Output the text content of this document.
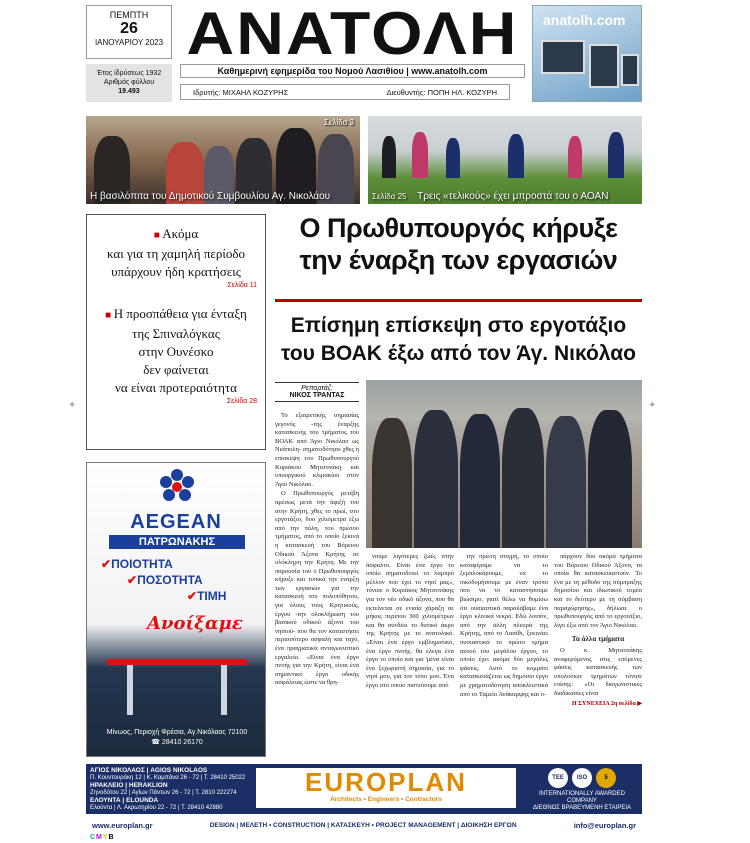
ΠΕΜΠΤΗ
26
ΙΑΝΟΥΑΡΙΟΥ 2023
Έτος ίδρύσεως 1932
Αριθμός φύλλου
19.493
ΑΝΑΤΟΛΗ
Καθημερινή εφημερίδα του Νομού Λασιθίου | www.anatolh.com
Ιδρυτής: ΜΙΧΑΗΛ ΚΟΖΥΡΗΣ	Διευθυντής: ΠΟΠΗ ΗΛ. ΚΟΖΥΡΗ
anatolh.com
Σελίδα 3
Η βασιλόπιτα του Δημοτικού Συμβουλίου Αγ. Νικολάου	Σελίδα 25 Τρεις «τελικούς» έχει μπροστά του ο ΑΟΑΝ
■ Ακόμα
και για τη χαμηλή περίοδο
υπάρχουν ήδη κρατήσεις
Σελίδα 11
■ Η προσπάθεια για ένταξη
της Σπιναλόγκας
στην Ουνέσκο
δεν φαίνεται
να είναι προτεραιότητα
Σελίδα 28
Ο Πρωθυπουργός κήρυξε
την έναρξη των εργασιών
Επίσημη επίσκεψη στο εργοτάξιο
του ΒΟΑΚ έξω από τον Άγ. Νικόλαο
Ρεπορτάζ:
ΝΙΚΟΣ ΤΡΑΝΤΑΣ

Το εξαιρετικής σημασίας γεγονός -της έναρξης κατασκευής του τμήματος του ΒΟΑΚ από Άγιο Νικόλαο ως Νεάπολη- σηματοδότησε χθες η επίσκεψη του Πρωθυπουργού Κυριάκου Μητσοτάκη και υπουργικού κλιμακίου στον Άγιο Νικόλαο.

Ο Πρωθυπουργός μετέβη αμέσως μετά την άφιξή του στην Κρήτη, χθες το πρωί, στο εργοτάξιο, δυο χιλιόμετρα έξω από την πόλη, του πρώτου τμήματος, από το οποίο ξεκινά η κατασκευή του Βόρειου Οδικού Άξονα Κρήτης σε ολόκληρη την Κρήτη. Με την παρουσία του ο Πρωθυπουργός κήρυξε και τυπικά την έναρξη των εργασιών για την κατασκευή του πολυπόθητου, για όλους τους Κρητικούς, έργου -την ολοκλήρωση του βασικού οδικού άξονα του νησιού- που θα τον καταστήσει περισσότερο ασφαλή και ταχύ, ένα πραγματικά ανταγωνιστικό εργαλείο. «Είναι ένα έργο πνοής για την Κρήτη, είναι ένα σημαντικό έργο οδικής ασφάλειας ώστε να θρη-

νούμε λιγότερες ζωές στην άσφαλτο. Είναι ένα έργο το οποίο σηματοδοτεί το λαμπρό μέλλον που έχει το νησί μας», τόνισε ο Κυριάκος Μητσοτάκης για τον νέο οδικό άξονα, που θα εκτείνεται σε ενιαία χάραξη σε μήκος περίπου 300 χιλιομέτρων και θα συνδέει το δυτικό άκρο της Κρήτης με το ανατολικό. «Είναι ένα έργο εμβληματικό, ένα έργο πνοής. θα έλεγα ένα έργο το οποίο και για 'μένα είναι ένα ξεχωριστή σημασία, για το νησί μου, για τον τόπο μου. Ένα έργο στο οποίο πιστεύουμε από

την πρώτη στιγμή, το οποίο καταφέραμε να το ξεμπλοκάρουμε, να το οικοδομήσουμε με έναν τρόπο που να το καταστήσουμε βιώσιμο, γιατί θέλω να θυμίσω ότι ουσιαστικά παραλάβαμε ένα έργο κλινικά νεκρό. Εδώ λοιπόν, από την άλλη πλευρά της Κρήτης, από το Λασίθι, ξεκινάει ουσιαστικά το πρώτο τμήμα αυτού του μεγάλου έργου, το οποίο έχει ακόμα δύο μεγάλες φάσεις. Αυτό το κομμάτι κατασκευάζεται ως δημόσιο έργο με χρηματοδότηση αποκλειστικά από το Ταμείο Ανάκαμψης και υ-

πάρχουν δύο ακόμα τμήματα του Βόρειου Οδικού Άξονα, τα οποία θα κατασκευαστούν. Το ένα με τη μέθοδο της σύμπραξης δημοσίου και ιδιωτικού τομέα και το δεύτερο με τη σύμβαση παραχώρησης», δήλωσε ο πρωθυπουργός από το εργοτάξιο, λίγο έξω από τον Άγιο Νικόλαο.

Τα άλλα τμήματα

Ο κ. Μητσοτάκης αναφερόμενος στις επόμενες φάσεις κατασκευής των υπολοίπων τμημάτων τόνισε επίσης: «Οι διαγωνιστικές διαδικασίες είναι

Η ΣΥΝΕΧΕΙΑ 2η σελίδα ▶
AEGEAN
ΠΑΤΡΩΝΑΚΗΣ
✔ΠΟΙΟΤΗΤΑ
✔ΠΟΣΟΤΗΤΑ
✔ΤΙΜΗ
Ανοίξαμε
Μίνωος, Περιοχή Φρέσια, Αγ.Νικόλαος 72100
☎ 28410 26170
ΑΓΙΟΣ ΝΙΚΟΛΑΟΣ | AGIOS NIKOLAOS
Π. Κουντουράκη 12 | Κ. Καμπάνα 26 - 72 | Τ. 28410 25022
ΗΡΑΚΛΕΙΟ | HERAKLION
Ζηνοδότου 22 | Αγίων Πάντων 26 - 72 | Τ. 2810 222274
ΕΛΟΥΝΤΑ | ELOUNDA
Ελούντα | Λ. Ακρωτηρίου 22 - 72 | Τ. 28410 42880
EUROPLAN
Architects • Engineers • Contractors
ΤΕΕ	ISO	5
INTERNATIONALLY AWARDED COMPANY
ΔΙΕΘΝΩΣ ΒΡΑΒΕΥΜΕΝΗ ΕΤΑΙΡΕΙΑ
www.europlan.gr	DESIGN | ΜΕΛΕΤΗ • CONSTRUCTION | ΚΑΤΑΣΚΕΥΗ • PROJECT MANAGEMENT | ΔΙΟΙΚΗΣΗ ΕΡΓΩΝ	info@europlan.gr
CMYB
✦	✦
